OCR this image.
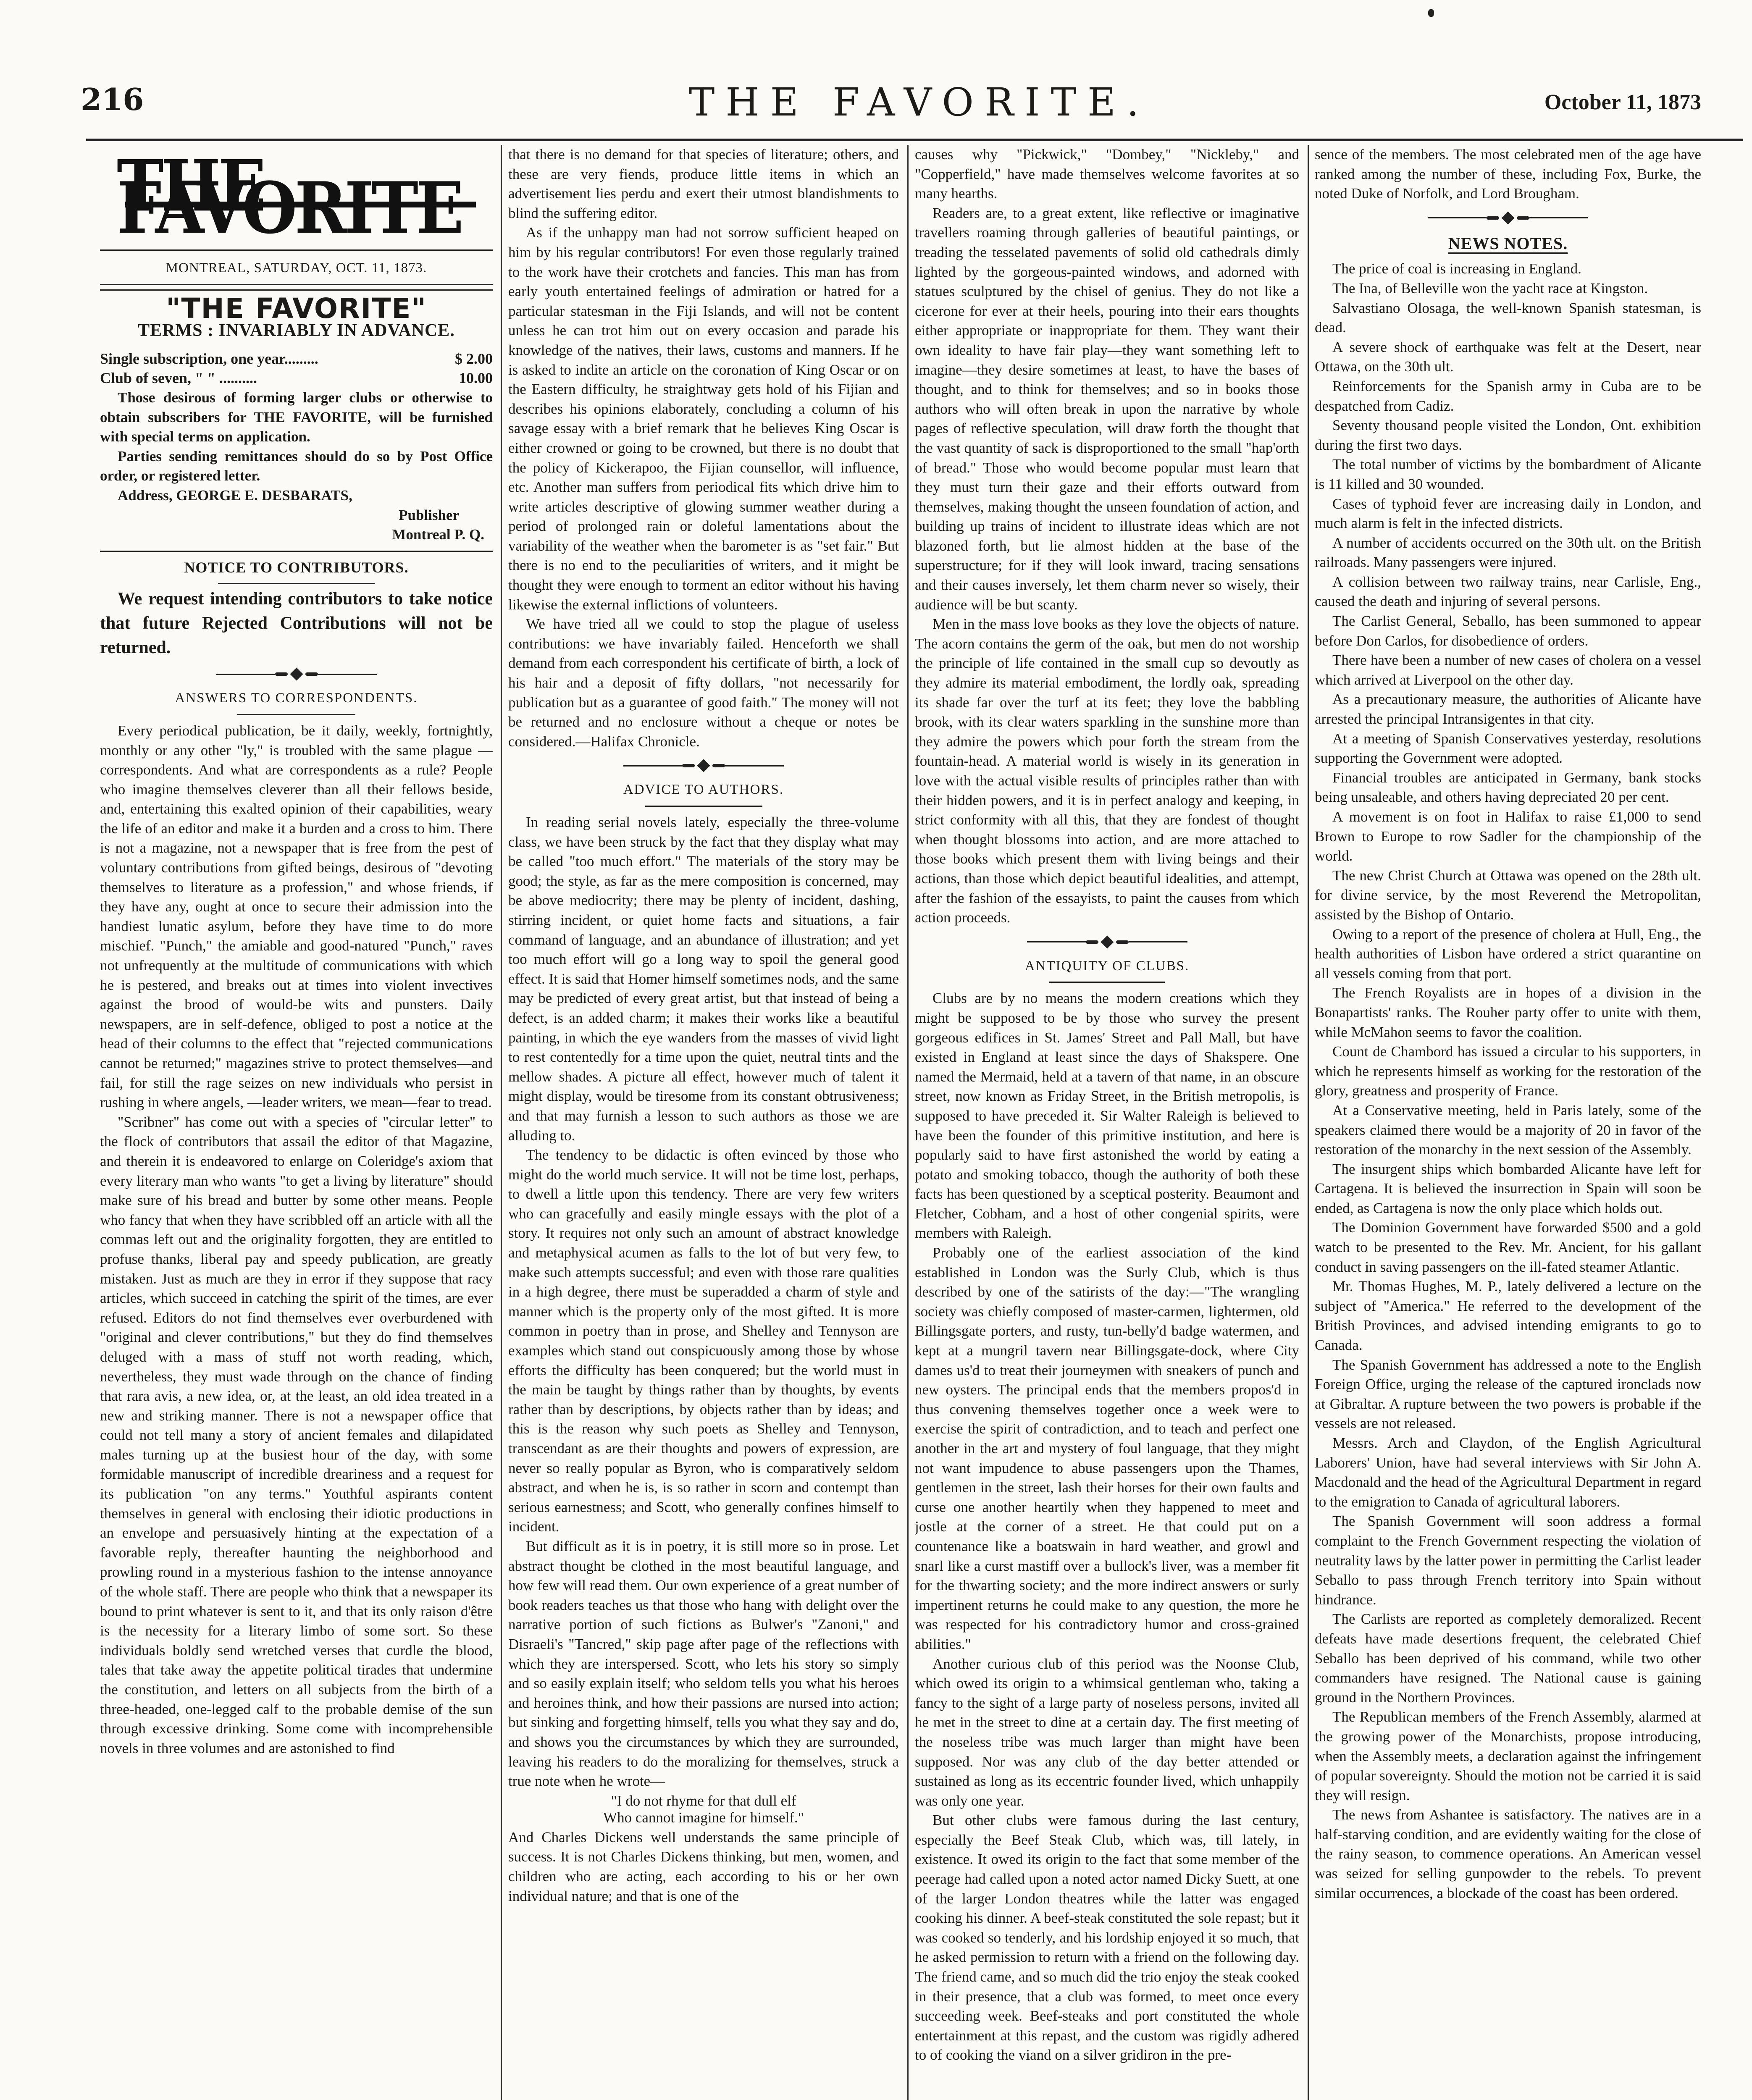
216	THE FAVORITE.	October 11, 1873
THE FAVORITE
MONTREAL, SATURDAY, OCT. 11, 1873.
"THE FAVORITE"
TERMS : INVARIABLY IN ADVANCE.
Single subscription, one year.........	$ 2.00
Club of seven, " " ..........	10.00

Those desirous of forming larger clubs or otherwise to obtain subscribers for THE FAVORITE, will be furnished with special terms on application.

Parties sending remittances should do so by Post Office order, or registered letter.

Address, GEORGE E. DESBARATS,

Publisher
Montreal P. Q.
NOTICE TO CONTRIBUTORS.

We request intending contributors to take notice that future Rejected Contributions will not be returned.

ANSWERS TO CORRESPONDENTS.

Every periodical publication, be it daily, weekly, fortnightly, monthly or any other "ly," is troubled with the same plague — correspondents. And what are correspondents as a rule? People who imagine themselves cleverer than all their fellows beside, and, entertaining this exalted opinion of their capabilities, weary the life of an editor and make it a burden and a cross to him. There is not a magazine, not a newspaper that is free from the pest of voluntary contributions from gifted beings, desirous of "devoting themselves to literature as a profession," and whose friends, if they have any, ought at once to secure their admission into the handiest lunatic asylum, before they have time to do more mischief. "Punch," the amiable and good-natured "Punch," raves not unfrequently at the multitude of communications with which he is pestered, and breaks out at times into violent invectives against the brood of would-be wits and punsters. Daily newspapers, are in self-defence, obliged to post a notice at the head of their columns to the effect that "rejected communications cannot be returned;" magazines strive to protect themselves—and fail, for still the rage seizes on new individuals who persist in rushing in where angels, —leader writers, we mean—fear to tread.

"Scribner" has come out with a species of "circular letter" to the flock of contributors that assail the editor of that Magazine, and therein it is endeavored to enlarge on Coleridge's axiom that every literary man who wants "to get a living by literature" should make sure of his bread and butter by some other means. People who fancy that when they have scribbled off an article with all the commas left out and the originality forgotten, they are entitled to profuse thanks, liberal pay and speedy publication, are greatly mistaken. Just as much are they in error if they suppose that racy articles, which succeed in catching the spirit of the times, are ever refused. Editors do not find themselves ever overburdened with "original and clever contributions," but they do find themselves deluged with a mass of stuff not worth reading, which, nevertheless, they must wade through on the chance of finding that rara avis, a new idea, or, at the least, an old idea treated in a new and striking manner. There is not a newspaper office that could not tell many a story of ancient females and dilapidated males turning up at the busiest hour of the day, with some formidable manuscript of incredible dreariness and a request for its publication "on any terms." Youthful aspirants content themselves in general with enclosing their idiotic productions in an envelope and persuasively hinting at the expectation of a favorable reply, thereafter haunting the neighborhood and prowling round in a mysterious fashion to the intense annoyance of the whole staff. There are people who think that a newspaper its bound to print whatever is sent to it, and that its only raison d'être is the necessity for a literary limbo of some sort. So these individuals boldly send wretched verses that curdle the blood, tales that take away the appetite political tirades that undermine the constitution, and letters on all subjects from the birth of a three-headed, one-legged calf to the probable demise of the sun through excessive drinking. Some come with incomprehensible novels in three volumes and are astonished to find

that there is no demand for that species of literature; others, and these are very fiends, produce little items in which an advertisement lies perdu and exert their utmost blandishments to blind the suffering editor.

As if the unhappy man had not sorrow sufficient heaped on him by his regular contributors! For even those regularly trained to the work have their crotchets and fancies. This man has from early youth entertained feelings of admiration or hatred for a particular statesman in the Fiji Islands, and will not be content unless he can trot him out on every occasion and parade his knowledge of the natives, their laws, customs and manners. If he is asked to indite an article on the coronation of King Oscar or on the Eastern difficulty, he straightway gets hold of his Fijian and describes his opinions elaborately, concluding a column of his savage essay with a brief remark that he believes King Oscar is either crowned or going to be crowned, but there is no doubt that the policy of Kickerapoo, the Fijian counsellor, will influence, etc. Another man suffers from periodical fits which drive him to write articles descriptive of glowing summer weather during a period of prolonged rain or doleful lamentations about the variability of the weather when the barometer is as "set fair." But there is no end to the peculiarities of writers, and it might be thought they were enough to torment an editor without his having likewise the external inflictions of volunteers.

We have tried all we could to stop the plague of useless contributions: we have invariably failed. Henceforth we shall demand from each correspondent his certificate of birth, a lock of his hair and a deposit of fifty dollars, "not necessarily for publication but as a guarantee of good faith." The money will not be returned and no enclosure without a cheque or notes be considered.—Halifax Chronicle.

ADVICE TO AUTHORS.

In reading serial novels lately, especially the three-volume class, we have been struck by the fact that they display what may be called "too much effort." The materials of the story may be good; the style, as far as the mere composition is concerned, may be above mediocrity; there may be plenty of incident, dashing, stirring incident, or quiet home facts and situations, a fair command of language, and an abundance of illustration; and yet too much effort will go a long way to spoil the general good effect. It is said that Homer himself sometimes nods, and the same may be predicted of every great artist, but that instead of being a defect, is an added charm; it makes their works like a beautiful painting, in which the eye wanders from the masses of vivid light to rest contentedly for a time upon the quiet, neutral tints and the mellow shades. A picture all effect, however much of talent it might display, would be tiresome from its constant obtrusiveness; and that may furnish a lesson to such authors as those we are alluding to.

The tendency to be didactic is often evinced by those who might do the world much service. It will not be time lost, perhaps, to dwell a little upon this tendency. There are very few writers who can gracefully and easily mingle essays with the plot of a story. It requires not only such an amount of abstract knowledge and metaphysical acumen as falls to the lot of but very few, to make such attempts successful; and even with those rare qualities in a high degree, there must be superadded a charm of style and manner which is the property only of the most gifted. It is more common in poetry than in prose, and Shelley and Tennyson are examples which stand out conspicuously among those by whose efforts the difficulty has been conquered; but the world must in the main be taught by things rather than by thoughts, by events rather than by descriptions, by objects rather than by ideas; and this is the reason why such poets as Shelley and Tennyson, transcendant as are their thoughts and powers of expression, are never so really popular as Byron, who is comparatively seldom abstract, and when he is, is so rather in scorn and contempt than serious earnestness; and Scott, who generally confines himself to incident.

But difficult as it is in poetry, it is still more so in prose. Let abstract thought be clothed in the most beautiful language, and how few will read them. Our own experience of a great number of book readers teaches us that those who hang with delight over the narrative portion of such fictions as Bulwer's "Zanoni," and Disraeli's "Tancred," skip page after page of the reflections with which they are interspersed. Scott, who lets his story so simply and so easily explain itself; who seldom tells you what his heroes and heroines think, and how their passions are nursed into action; but sinking and forgetting himself, tells you what they say and do, and shows you the circumstances by which they are surrounded, leaving his readers to do the moralizing for themselves, struck a true note when he wrote—

"I do not rhyme for that dull elf

Who cannot imagine for himself."

And Charles Dickens well understands the same principle of success. It is not Charles Dickens thinking, but men, women, and children who are acting, each according to his or her own individual nature; and that is one of the

causes why "Pickwick," "Dombey," "Nickleby," and "Copperfield," have made themselves welcome favorites at so many hearths.

Readers are, to a great extent, like reflective or imaginative travellers roaming through galleries of beautiful paintings, or treading the tesselated pavements of solid old cathedrals dimly lighted by the gorgeous-painted windows, and adorned with statues sculptured by the chisel of genius. They do not like a cicerone for ever at their heels, pouring into their ears thoughts either appropriate or inappropriate for them. They want their own ideality to have fair play—they want something left to imagine—they desire sometimes at least, to have the bases of thought, and to think for themselves; and so in books those authors who will often break in upon the narrative by whole pages of reflective speculation, will draw forth the thought that the vast quantity of sack is disproportioned to the small "hap'orth of bread." Those who would become popular must learn that they must turn their gaze and their efforts outward from themselves, making thought the unseen foundation of action, and building up trains of incident to illustrate ideas which are not blazoned forth, but lie almost hidden at the base of the superstructure; for if they will look inward, tracing sensations and their causes inversely, let them charm never so wisely, their audience will be but scanty.

Men in the mass love books as they love the objects of nature. The acorn contains the germ of the oak, but men do not worship the principle of life contained in the small cup so devoutly as they admire its material embodiment, the lordly oak, spreading its shade far over the turf at its feet; they love the babbling brook, with its clear waters sparkling in the sunshine more than they admire the powers which pour forth the stream from the fountain-head. A material world is wisely in its generation in love with the actual visible results of principles rather than with their hidden powers, and it is in perfect analogy and keeping, in strict conformity with all this, that they are fondest of thought when thought blossoms into action, and are more attached to those books which present them with living beings and their actions, than those which depict beautiful idealities, and attempt, after the fashion of the essayists, to paint the causes from which action proceeds.

ANTIQUITY OF CLUBS.

Clubs are by no means the modern creations which they might be supposed to be by those who survey the present gorgeous edifices in St. James' Street and Pall Mall, but have existed in England at least since the days of Shakspere. One named the Mermaid, held at a tavern of that name, in an obscure street, now known as Friday Street, in the British metropolis, is supposed to have preceded it. Sir Walter Raleigh is believed to have been the founder of this primitive institution, and here is popularly said to have first astonished the world by eating a potato and smoking tobacco, though the authority of both these facts has been questioned by a sceptical posterity. Beaumont and Fletcher, Cobham, and a host of other congenial spirits, were members with Raleigh.

Probably one of the earliest association of the kind established in London was the Surly Club, which is thus described by one of the satirists of the day:—"The wrangling society was chiefly composed of master-carmen, lightermen, old Billingsgate porters, and rusty, tun-belly'd badge watermen, and kept at a mungril tavern near Billingsgate-dock, where City dames us'd to treat their journeymen with sneakers of punch and new oysters. The principal ends that the members propos'd in thus convening themselves together once a week were to exercise the spirit of contradiction, and to teach and perfect one another in the art and mystery of foul language, that they might not want impudence to abuse passengers upon the Thames, gentlemen in the street, lash their horses for their own faults and curse one another heartily when they happened to meet and jostle at the corner of a street. He that could put on a countenance like a boatswain in hard weather, and growl and snarl like a curst mastiff over a bullock's liver, was a member fit for the thwarting society; and the more indirect answers or surly impertinent returns he could make to any question, the more he was respected for his contradictory humor and cross-grained abilities."

Another curious club of this period was the Noonse Club, which owed its origin to a whimsical gentleman who, taking a fancy to the sight of a large party of noseless persons, invited all he met in the street to dine at a certain day. The first meeting of the noseless tribe was much larger than might have been supposed. Nor was any club of the day better attended or sustained as long as its eccentric founder lived, which unhappily was only one year.

But other clubs were famous during the last century, especially the Beef Steak Club, which was, till lately, in existence. It owed its origin to the fact that some member of the peerage had called upon a noted actor named Dicky Suett, at one of the larger London theatres while the latter was engaged cooking his dinner. A beef-steak constituted the sole repast; but it was cooked so tenderly, and his lordship enjoyed it so much, that he asked permission to return with a friend on the following day. The friend came, and so much did the trio enjoy the steak cooked in their presence, that a club was formed, to meet once every succeeding week. Beef-steaks and port constituted the whole entertainment at this repast, and the custom was rigidly adhered to of cooking the viand on a silver gridiron in the pre-

sence of the members. The most celebrated men of the age have ranked among the number of these, including Fox, Burke, the noted Duke of Norfolk, and Lord Brougham.

NEWS NOTES.

The price of coal is increasing in England.

The Ina, of Belleville won the yacht race at Kingston.

Salvastiano Olosaga, the well-known Spanish statesman, is dead.

A severe shock of earthquake was felt at the Desert, near Ottawa, on the 30th ult.

Reinforcements for the Spanish army in Cuba are to be despatched from Cadiz.

Seventy thousand people visited the London, Ont. exhibition during the first two days.

The total number of victims by the bombardment of Alicante is 11 killed and 30 wounded.

Cases of typhoid fever are increasing daily in London, and much alarm is felt in the infected districts.

A number of accidents occurred on the 30th ult. on the British railroads. Many passengers were injured.

A collision between two railway trains, near Carlisle, Eng., caused the death and injuring of several persons.

The Carlist General, Seballo, has been summoned to appear before Don Carlos, for disobedience of orders.

There have been a number of new cases of cholera on a vessel which arrived at Liverpool on the other day.

As a precautionary measure, the authorities of Alicante have arrested the principal Intransigentes in that city.

At a meeting of Spanish Conservatives yesterday, resolutions supporting the Government were adopted.

Financial troubles are anticipated in Germany, bank stocks being unsaleable, and others having depreciated 20 per cent.

A movement is on foot in Halifax to raise £1,000 to send Brown to Europe to row Sadler for the championship of the world.

The new Christ Church at Ottawa was opened on the 28th ult. for divine service, by the most Reverend the Metropolitan, assisted by the Bishop of Ontario.

Owing to a report of the presence of cholera at Hull, Eng., the health authorities of Lisbon have ordered a strict quarantine on all vessels coming from that port.

The French Royalists are in hopes of a division in the Bonapartists' ranks. The Rouher party offer to unite with them, while McMahon seems to favor the coalition.

Count de Chambord has issued a circular to his supporters, in which he represents himself as working for the restoration of the glory, greatness and prosperity of France.

At a Conservative meeting, held in Paris lately, some of the speakers claimed there would be a majority of 20 in favor of the restoration of the monarchy in the next session of the Assembly.

The insurgent ships which bombarded Alicante have left for Cartagena. It is believed the insurrection in Spain will soon be ended, as Cartagena is now the only place which holds out.

The Dominion Government have forwarded $500 and a gold watch to be presented to the Rev. Mr. Ancient, for his gallant conduct in saving passengers on the ill-fated steamer Atlantic.

Mr. Thomas Hughes, M. P., lately delivered a lecture on the subject of "America." He referred to the development of the British Provinces, and advised intending emigrants to go to Canada.

The Spanish Government has addressed a note to the English Foreign Office, urging the release of the captured ironclads now at Gibraltar. A rupture between the two powers is probable if the vessels are not released.

Messrs. Arch and Claydon, of the English Agricultural Laborers' Union, have had several interviews with Sir John A. Macdonald and the head of the Agricultural Department in regard to the emigration to Canada of agricultural laborers.

The Spanish Government will soon address a formal complaint to the French Government respecting the violation of neutrality laws by the latter power in permitting the Carlist leader Seballo to pass through French territory into Spain without hindrance.

The Carlists are reported as completely demoralized. Recent defeats have made desertions frequent, the celebrated Chief Seballo has been deprived of his command, while two other commanders have resigned. The National cause is gaining ground in the Northern Provinces.

The Republican members of the French Assembly, alarmed at the growing power of the Monarchists, propose introducing, when the Assembly meets, a declaration against the infringement of popular sovereignty. Should the motion not be carried it is said they will resign.

The news from Ashantee is satisfactory. The natives are in a half-starving condition, and are evidently waiting for the close of the rainy season, to commence operations. An American vessel was seized for selling gunpowder to the rebels. To prevent similar occurrences, a blockade of the coast has been ordered.
